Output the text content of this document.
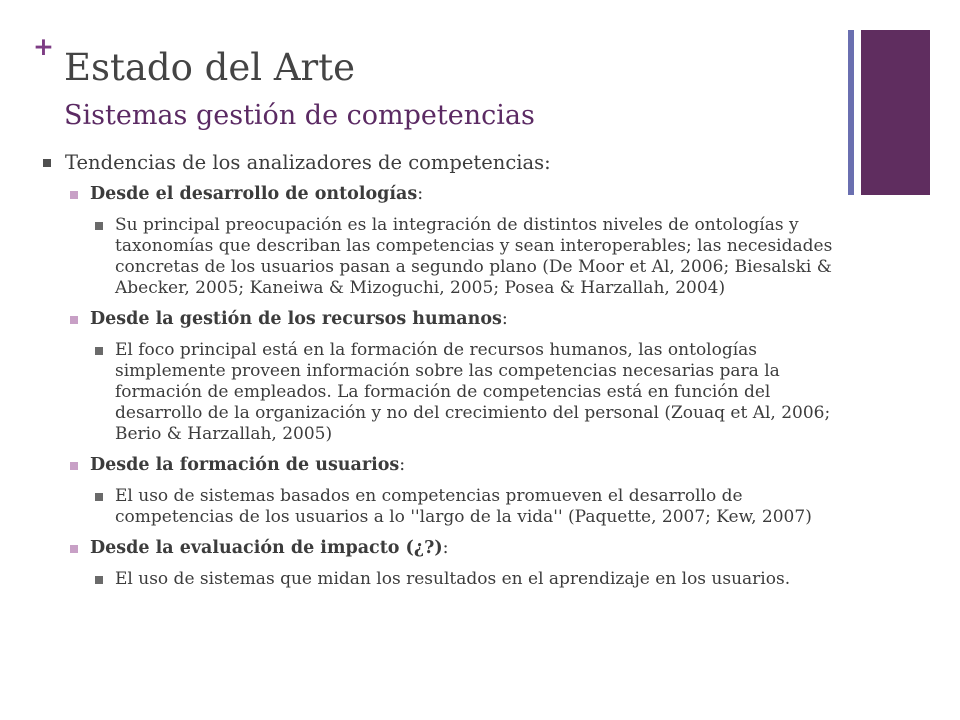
+ Estado del Arte
Sistemas gestión de competencias
Tendencias de los analizadores de competencias:
Desde el desarrollo de ontologías:
Su principal preocupación es la integración de distintos niveles de ontologías y taxonomías que describan las competencias y sean interoperables; las necesidades concretas de los usuarios pasan a segundo plano (De Moor et Al, 2006; Biesalski & Abecker, 2005; Kaneiwa & Mizoguchi, 2005; Posea & Harzallah, 2004)
Desde la gestión de los recursos humanos:
El foco principal está en la formación de recursos humanos, las ontologías simplemente proveen información sobre las competencias necesarias para la formación de empleados. La formación de competencias está en función del desarrollo de la organización y no del crecimiento del personal (Zouaq et Al, 2006; Berio & Harzallah, 2005)
Desde la formación de usuarios:
El uso de sistemas basados en competencias promueven el desarrollo de competencias de los usuarios a lo ''largo de la vida'' (Paquette, 2007; Kew, 2007)
Desde la evaluación de impacto (¿?):
El uso de sistemas que midan los resultados en el aprendizaje en los usuarios.
